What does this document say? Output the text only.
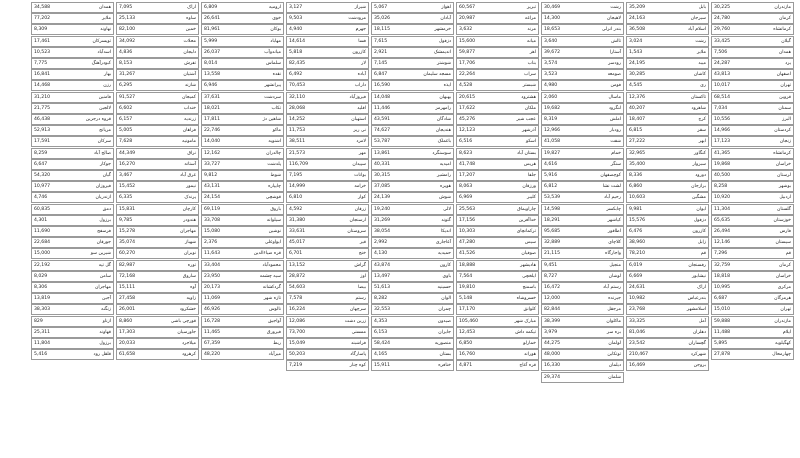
30,225	مازندران
24,780	کرمان
29,760	کرمانشاه
33,425	گیلان
7,506	همدان
24,287	یزد
43,813	اصفهان
10,017	تهران
68,514	قزوین
7,034	سمنان
10,556	البرز
14,966	کردستان
17,123	زنجان
41,365	کرمانشاه
19,868	خراسان
40,500	لرستان
8,258	بوشهر
10,920	اردبیل
11,304	گلستان
65,635	خوزستان
26,494	فارس
12,146	سیستان
7,296	قم
32,759	کرمان
18,818	خراسان
10,995	مرکزی
6,687	هرمزگان
15,010	تهران
59,888	مازندران
11,488	ایلام
5,895	کهگیلویه
27,878	چهارمحال
35,209	بابل
24,163	سیرجان
36,508	اسلام آباد
3,024	رشت
1,543	ملایر
24,195	میبد
30,285	کاشان
4,545	ری
12,376	تاکستان
40,207	شاهرود
18,407	کرج
6,815	سقز
27,222	ابهر
32,965	کنگاور
35,400	سبزوار
8,336	دورود
6,860	برازجان
10,603	مشگین
9,981	ایوان
15,576	دزفول
6,476	کازرون
38,960	زابل
78,210	قم
6,019	رفسنجان
6,669	نیشابور
24,631	اراک
10,982	بندرعباس
23,768	اسلامشهر
33,325	آمل
81,046	دهلران
23,542	گچساران
210,467	شهرکرد
16,469	بروجن
30,469	رشت
14,300	لاهیجان
18,653	بندر انزلی
3,640	تالش
39,672	آستارا
3,574	رودسر
3,523	صومعه
4,980	فومن
2,060	ماسال
19,682	لنگرود
8,319	املش
12,966	رودبار
41,058	شفت
19,827	خمام
4,616	سنگر
5,916	کوچصفهان
6,812	لشت نشا
53,539	رحیم آباد
14,598	چابکسر
18,291	کیاشهر
95,685	اطاقور
32,889	کلاچای
21,115	واجارگاه
9,451	منجیل
8,727	لوشان
16,472	رستم آباد
12,000	جیرنده
82,844	مرجقل
38,399	ماکلوان
3,979	بره سر
44,275	لولمان
48,000	توتکابن
16,330	دیلمان
29,374	شلمان
60,567	تبریز
20,987	مراغه
3,632	مرند
15,600	میانه
59,877	اهر
17,706	بناب
22,264	سراب
4,528	شبستر
20,615	هشترود
17,622	ملکان
45,276	عجب شیر
12,123	آذرشهر
6,516	اسکو
8,623	بستان آباد
41,748	هریس
17,207	جلفا
8,063	ورزقان
6,969	کلیبر
25,563	چاراویماق
17,156	خداآفرین
10,303	ترکمانچای
47,280	سیس
41,526	صوفیان
18,888	هادیشهر
7,564	ایلخچی
19,810	باسمنج
5,148	خسروشاه
17,170	کلوانق
105,460	مبارک شهر
12,453	تیکمه داش
6,850	خمارلو
16,760	هوراند
4,871	قره آغاج
5,067	اهواز
35,026	آبادان
18,115	خرمشهر
7,615	دزفول
2,921	اندیمشک
7,145	شوشتر
6,847	مسجد سلیمان
16,590	ایذه
14,048	بهبهان
11,446	رامهرمز
43,591	شادگان
74,627	هندیجان
53,787	باغملک
13,861	سوسنگرد
40,331	امیدیه
30,315	رامشیر
37,085	هویزه
24,139	شوش
19,240	لالی
31,269	گتوند
38,054	اندیکا
2,992	آغاجاری
4,130	حمیدیه
43,874	کارون
13,497	باوی
51,613	حسینیه
8,282	الوان
32,553	چمران
4,353	صیدون
6,153	جایزان
58,424	منصوریه
4,165	بستان
15,911	خنافره
3,127	شیراز
9,503	مرودشت
4,940	جهرم
14,614	فسا
5,818	کازرون
82,435	لار
6,492	آباده
70,453	داراب
32,110	فیروزآباد
28,068	اقلید
14,252	استهبان
11,753	نی ریز
38,511	لامرد
21,573	مهر
116,709	سپیدان
7,195	بوانات
14,999	خرامه
6,810	کوار
4,592	زرقان
31,380	ارسنجان
33,631	سروستان
45,017	قیر
6,701	خنج
13,152	گراش
28,872	اوز
54,603	بیضا
7,578	رستم
16,224	سرچهان
12,086	زرین دشت
73,700	ممسنی
15,049	فراشبند
50,203	پاسارگاد
7,219	کوه چنار
6,809	ارومیه
26,641	خوی
81,961	بوکان
5,999	مهاباد
26,037	میاندوآب
8,014	سلماس
13,558	نقده
6,946	پیرانشهر
37,631	سردشت
18,021	تکاب
17,811	شاهین دژ
22,746	ماکو
14,040	اشنویه
12,162	چالدران
33,727	پلدشت
9,812	شوط
43,131	چایپاره
24,154	قوشچی
69,119	باروق
33,708	سیلوانه
15,080	نوشین
2,376	ایواوغلی
11,643	قره ضیاءالدین
33,404	محمودآباد
23,950	سیه چشمه
20,173	گردکشانه
11,069	تازه شهر
46,926	نالوس
16,728	آواجیق
11,465	فیرورق
67,359	ربط
48,220	میرآباد
7,095	اراک
25,133	ساوه
82,100	خمین
34,092	محلات
4,836	دلیجان
8,153	تفرش
31,267	آشتیان
6,295	شازند
91,527	کمیجان
6,602	خنداب
6,157	زرندیه
5,005	فراهان
7,628	مامونیه
44,349	نراق
16,270	آستانه
3,467	غرق آباد
15,452	نیمور
6,335	پرندک
15,831	کارچان
9,785	هندودر
15,278	مهاجران
35,074	شهباز
60,270	نوبران
82,987	توره
72,168	ساروق
15,111	آوه
27,458	زاویه
26,001	خشکرود
8,860	قورچی باشی
17,303	جاورسیان
20,033	میلاجرد
61,658	کرهرود
34,588	همدان
77,202	ملایر
8,309	نهاوند
17,461	تویسرکان
10,523	اسدآباد
7,775	کبودرآهنگ
16,841	بهار
14,468	رزن
31,210	فامنین
21,775	لالجین
46,438	قروه درجزین
52,913	مریانج
17,591	سرکان
8,259	صالح آباد
6,647	جوکار
54,320	گیان
10,977	فیروزان
4,746	ازندریان
60,835	دمق
4,301	برزول
11,690	فرسفج
22,684	جورقان
15,000	شیرین سو
22,192	گل تپه
8,029	سامن
8,306	مهاجران
13,819	آجین
38,303	زنگنه
829	ازناو
25,311	قهاوند
11,804	برزول
5,416	قلقل رود
